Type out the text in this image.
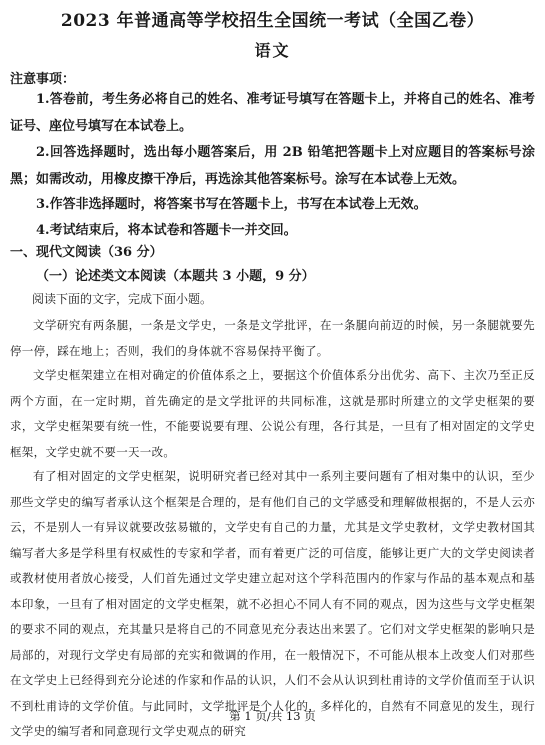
2023 年普通高等学校招生全国统一考试（全国乙卷）
语文
注意事项：
1.答卷前，考生务必将自己的姓名、准考证号填写在答题卡上，并将自己的姓名、准考证号、座位号填写在本试卷上。
2.回答选择题时，选出每小题答案后，用 2B 铅笔把答题卡上对应题目的答案标号涂黑；如需改动，用橡皮擦干净后，再选涂其他答案标号。涂写在本试卷上无效。
3.作答非选择题时，将答案书写在答题卡上，书写在本试卷上无效。
4.考试结束后，将本试卷和答题卡一并交回。
一、现代文阅读（36 分）
（一）论述类文本阅读（本题共 3 小题，9 分）
阅读下面的文字，完成下面小题。
文学研究有两条腿，一条是文学史，一条是文学批评，在一条腿向前迈的时候，另一条腿就要先停一停，踩在地上；否则，我们的身体就不容易保持平衡了。
文学史框架建立在相对确定的价值体系之上，要据这个价值体系分出优劣、高下、主次乃至正反两个方面，在一定时期，首先确定的是文学批评的共同标准，这就是那时所建立的文学史框架的要求，文学史框架要有统一性，不能要说要有理、公说公有理，各行其是，一旦有了相对固定的文学史框架，文学史就不要一天一改。
有了相对固定的文学史框架，说明研究者已经对其中一系列主要问题有了相对集中的认识，至少那些文学史的编写者承认这个框架是合理的，是有他们自己的文学感受和理解做根据的，不是人云亦云，不是别人一有异议就要改弦易辙的，文学史有自己的力量，尤其是文学史教材，文学史教材国其编写者大多是学科里有权威性的专家和学者，而有着更广泛的可信度，能够让更广大的文学史阅读者或教材使用者放心接受，人们首先通过文学史建立起对这个学科范围内的作家与作品的基本观点和基本印象，一旦有了相对固定的文学史框架，就不必担心不同人有不同的观点，因为这些与文学史框架的要求不同的观点，充其量只是将自己的不同意见充分表达出来罢了。它们对文学史框架的影响只是局部的，对现行文学史有局部的充实和微调的作用，在一般情况下，不可能从根本上改变人们对那些在文学史上已经得到充分论述的作家和作品的认识，人们不会从认识到杜甫诗的文学价值而至于认识不到杜甫诗的文学价值。与此同时，文学批评是个人化的，多样化的，自然有不同意见的发生，现行文学史的编写者和同意现行文学史观点的研究
第 1 页/共 13 页
